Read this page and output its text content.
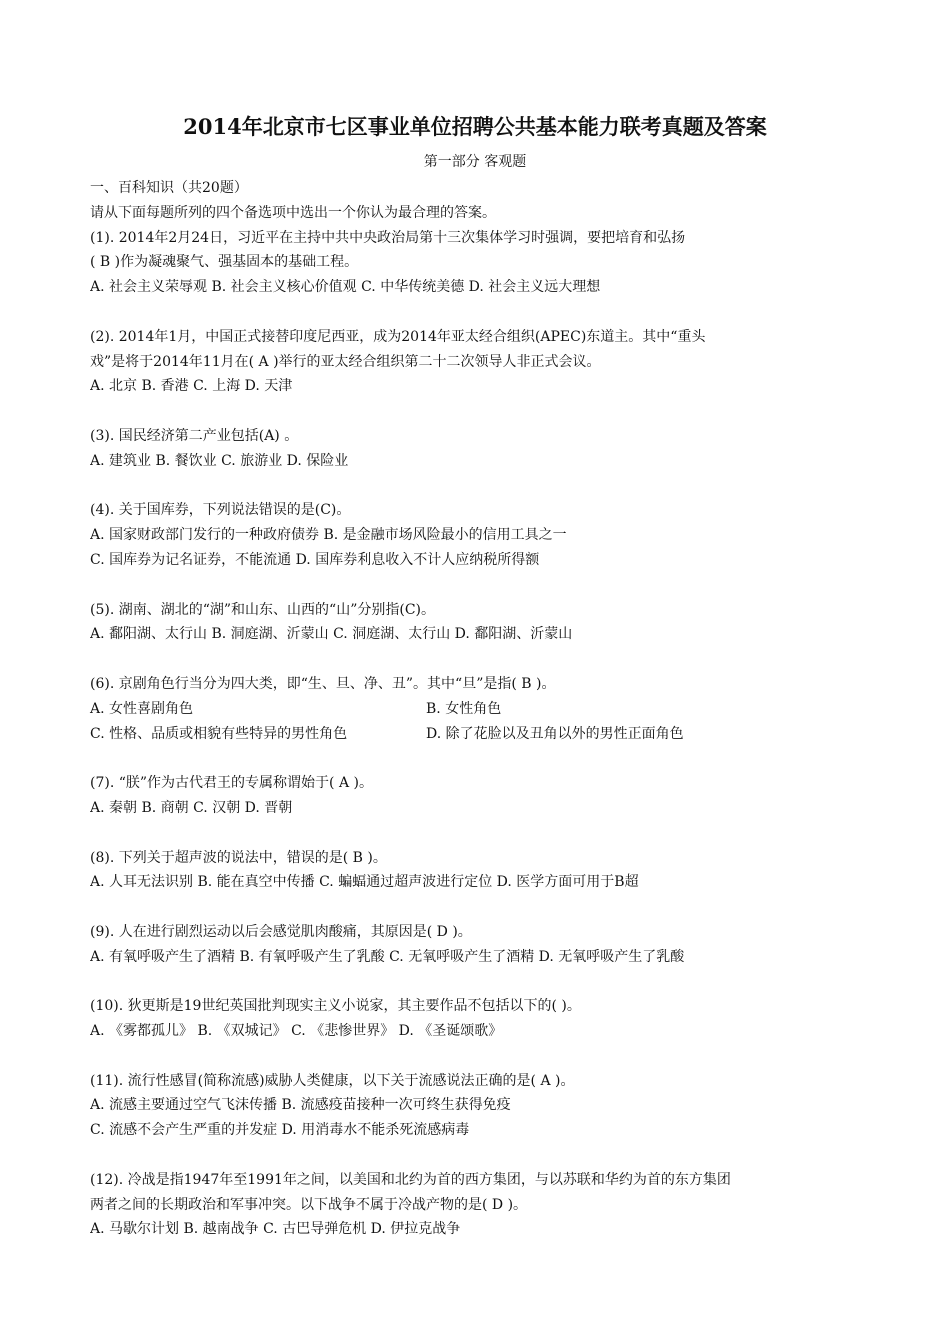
2014年北京市七区事业单位招聘公共基本能力联考真题及答案
第一部分 客观题
一、百科知识（共20题）
请从下面每题所列的四个备选项中选出一个你认为最合理的答案。
(1). 2014年2月24日，习近平在主持中共中央政治局第十三次集体学习时强调，要把培育和弘扬
( B )作为凝魂聚气、强基固本的基础工程。
A. 社会主义荣辱观 B. 社会主义核心价值观 C. 中华传统美德 D. 社会主义远大理想
(2). 2014年1月，中国正式接替印度尼西亚，成为2014年亚太经合组织(APEC)东道主。其中“重头
戏”是将于2014年11月在( A )举行的亚太经合组织第二十二次领导人非正式会议。
A. 北京 B. 香港 C. 上海 D. 天津
(3). 国民经济第二产业包括(A) 。
A. 建筑业 B. 餐饮业 C. 旅游业 D. 保险业
(4). 关于国库券，下列说法错误的是(C)。
A. 国家财政部门发行的一种政府债券 B. 是金融市场风险最小的信用工具之一
C. 国库券为记名证券，不能流通 D. 国库券利息收入不计人应纳税所得额
(5). 湖南、湖北的“湖”和山东、山西的“山”分别指(C)。
A. 鄱阳湖、太行山 B. 洞庭湖、沂蒙山 C. 洞庭湖、太行山 D. 鄱阳湖、沂蒙山
(6). 京剧角色行当分为四大类，即“生、旦、净、丑”。其中“旦”是指( B )。
A. 女性喜剧角色	B. 女性角色
C. 性格、品质或相貌有些特异的男性角色	D. 除了花脸以及丑角以外的男性正面角色
(7). “朕”作为古代君王的专属称谓始于( A )。
A. 秦朝 B. 商朝 C. 汉朝 D. 晋朝
(8). 下列关于超声波的说法中，错误的是( B )。
A. 人耳无法识别 B. 能在真空中传播 C. 蝙蝠通过超声波进行定位 D. 医学方面可用于B超
(9). 人在进行剧烈运动以后会感觉肌肉酸痛，其原因是( D )。
A. 有氧呼吸产生了酒精 B. 有氧呼吸产生了乳酸 C. 无氧呼吸产生了酒精 D. 无氧呼吸产生了乳酸
(10). 狄更斯是19世纪英国批判现实主义小说家，其主要作品不包括以下的( )。
A. 《雾都孤儿》 B. 《双城记》 C. 《悲惨世界》 D. 《圣诞颂歌》
(11). 流行性感冒(简称流感)威胁人类健康，以下关于流感说法正确的是( A )。
A. 流感主要通过空气飞沫传播 B. 流感疫苗接种一次可终生获得免疫
C. 流感不会产生严重的并发症 D. 用消毒水不能杀死流感病毒
(12). 冷战是指1947年至1991年之间，以美国和北约为首的西方集团，与以苏联和华约为首的东方集团
两者之间的长期政治和军事冲突。以下战争不属于冷战产物的是( D )。
A. 马歇尔计划 B. 越南战争 C. 古巴导弹危机 D. 伊拉克战争
